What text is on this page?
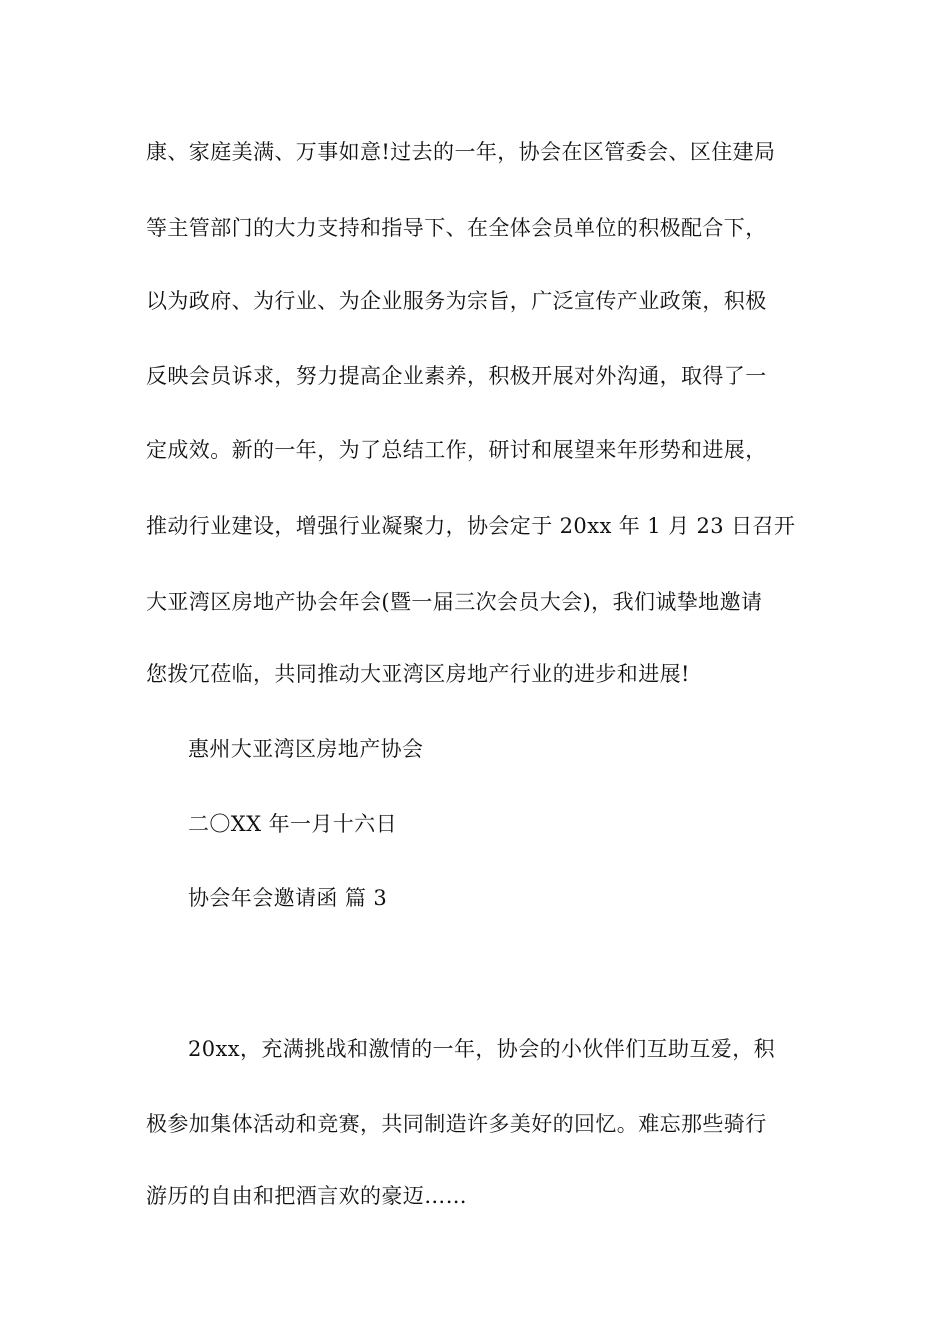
康、家庭美满、万事如意!过去的一年，协会在区管委会、区住建局
等主管部门的大力支持和指导下、在全体会员单位的积极配合下，
以为政府、为行业、为企业服务为宗旨，广泛宣传产业政策，积极
反映会员诉求，努力提高企业素养，积极开展对外沟通，取得了一
定成效。新的一年，为了总结工作，研讨和展望来年形势和进展，
推动行业建设，增强行业凝聚力，协会定于 20xx 年 1 月 23 日召开
大亚湾区房地产协会年会(暨一届三次会员大会)，我们诚挚地邀请
您拨冗莅临，共同推动大亚湾区房地产行业的进步和进展!
惠州大亚湾区房地产协会
二〇XX 年一月十六日
协会年会邀请函 篇 3
20xx，充满挑战和激情的一年，协会的小伙伴们互助互爱，积
极参加集体活动和竞赛，共同制造许多美好的回忆。难忘那些骑行
游历的自由和把酒言欢的豪迈……
